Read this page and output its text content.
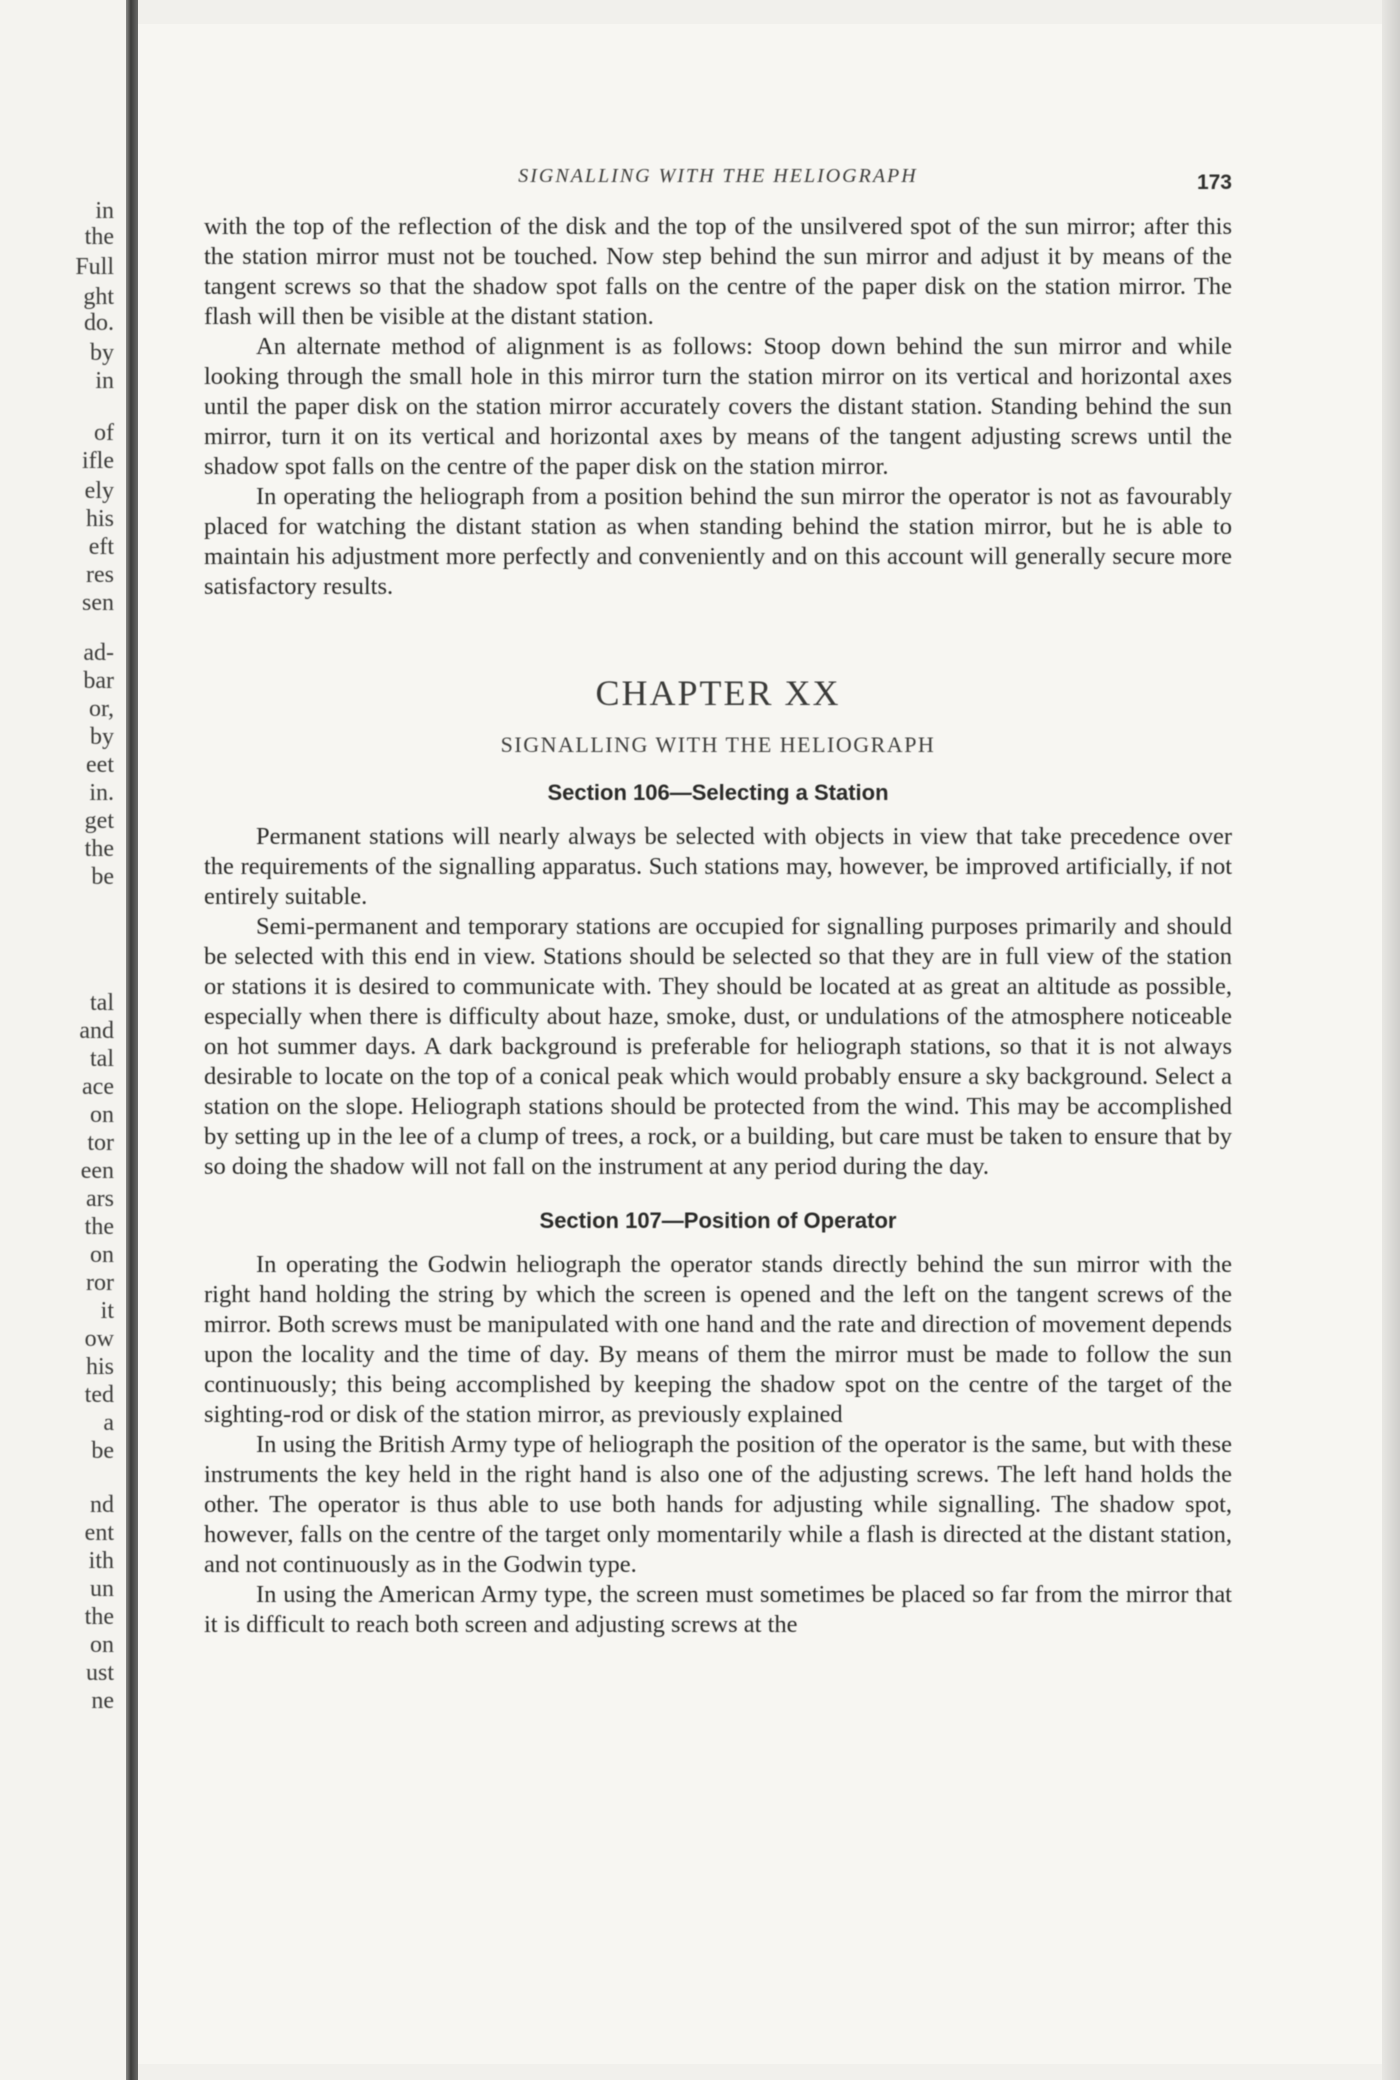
in
the
Full
ght
do.
by
in
of
ifle
ely
his
eft
res
sen
ad-
bar
or,
by
eet
in.
get
the
be
tal
and
tal
ace
on
tor
een
ars
the
on
ror
it
ow
his
ted
a
be
nd
ent
ith
un
the
on
ust
ne
SIGNALLING WITH THE HELIOGRAPH	173

with the top of the reflection of the disk and the top of the unsilvered spot of the sun mirror; after this the station mirror must not be touched. Now step behind the sun mirror and adjust it by means of the tangent screws so that the shadow spot falls on the centre of the paper disk on the station mirror. The flash will then be visible at the distant station.

An alternate method of alignment is as follows: Stoop down behind the sun mirror and while looking through the small hole in this mirror turn the station mirror on its vertical and horizontal axes until the paper disk on the station mirror accurately covers the distant station. Standing behind the sun mirror, turn it on its vertical and horizontal axes by means of the tangent adjusting screws until the shadow spot falls on the centre of the paper disk on the station mirror.

In operating the heliograph from a position behind the sun mirror the operator is not as favourably placed for watching the distant station as when standing behind the station mirror, but he is able to maintain his adjustment more perfectly and conveniently and on this account will generally secure more satisfactory results.

CHAPTER XX
SIGNALLING WITH THE HELIOGRAPH
Section 106—Selecting a Station

Permanent stations will nearly always be selected with objects in view that take precedence over the requirements of the signalling apparatus. Such stations may, however, be improved artificially, if not entirely suitable.

Semi-permanent and temporary stations are occupied for signalling purposes primarily and should be selected with this end in view. Stations should be selected so that they are in full view of the station or stations it is desired to communicate with. They should be located at as great an altitude as possible, especially when there is difficulty about haze, smoke, dust, or undulations of the atmosphere noticeable on hot summer days. A dark background is preferable for heliograph stations, so that it is not always desirable to locate on the top of a conical peak which would probably ensure a sky background. Select a station on the slope. Heliograph stations should be protected from the wind. This may be accomplished by setting up in the lee of a clump of trees, a rock, or a building, but care must be taken to ensure that by so doing the shadow will not fall on the instrument at any period during the day.

Section 107—Position of Operator

In operating the Godwin heliograph the operator stands directly behind the sun mirror with the right hand holding the string by which the screen is opened and the left on the tangent screws of the mirror. Both screws must be manipulated with one hand and the rate and direction of movement depends upon the locality and the time of day. By means of them the mirror must be made to follow the sun continuously; this being accomplished by keeping the shadow spot on the centre of the target of the sighting-rod or disk of the station mirror, as previously explained

In using the British Army type of heliograph the position of the operator is the same, but with these instruments the key held in the right hand is also one of the adjusting screws. The left hand holds the other. The operator is thus able to use both hands for adjusting while signalling. The shadow spot, however, falls on the centre of the target only momentarily while a flash is directed at the distant station, and not continuously as in the Godwin type.

In using the American Army type, the screen must sometimes be placed so far from the mirror that it is difficult to reach both screen and adjusting screws at the
